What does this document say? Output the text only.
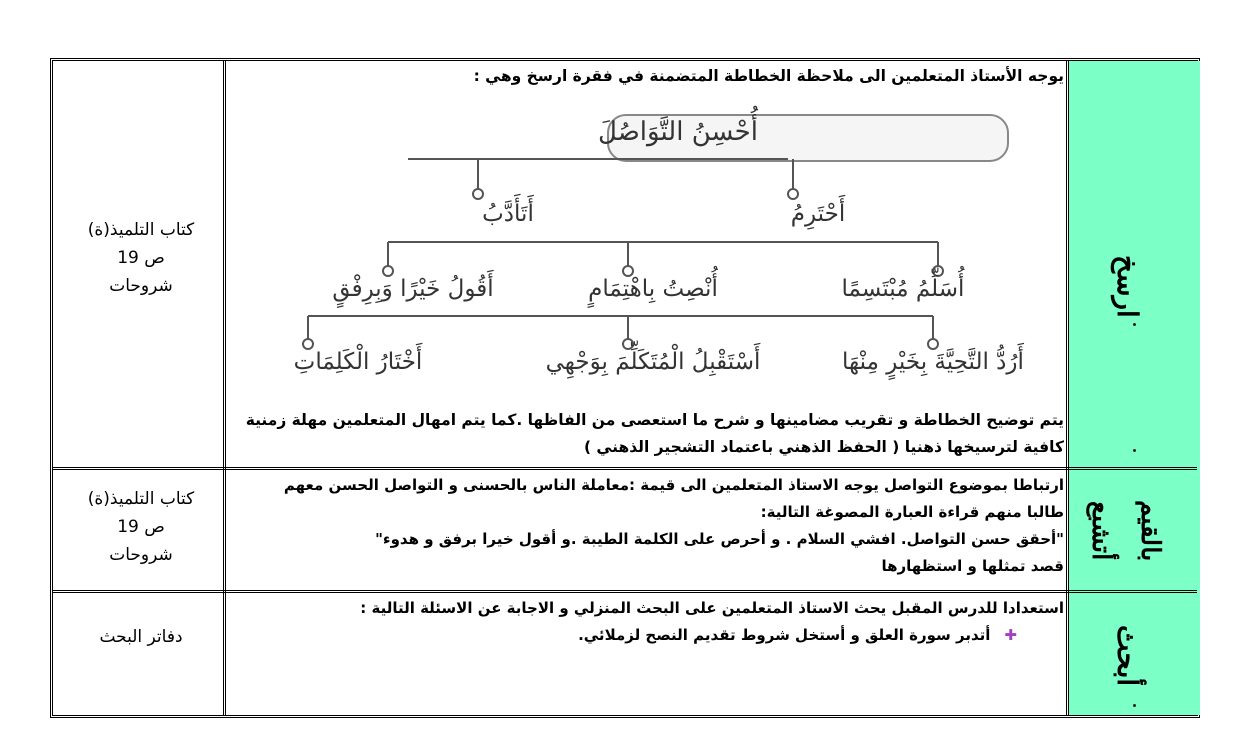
ارسخ
كتاب التلميذ(ة)
ص 19
شروحات
يوجه الأستاذ المتعلمين الى ملاحظة الخطاطة المتضمنة في فقرة ارسخ وهي :
أُحْسِنُ التَّوَاصُلَ
أَحْتَرِمُ
أَتَأَدَّبُ
أُسَلِّمُ مُبْتَسِمًا
أُنْصِتُ بِاهْتِمَامٍ
أَقُولُ خَيْرًا وَبِرِفْقٍ
أَرُدُّ التَّحِيَّةَ بِخَيْرٍ مِنْهَا
أَسْتَقْبِلُ الْمُتَكَلِّمَ بِوَجْهِي
أَخْتَارُ الْكَلِمَاتِ
يتم توضيح الخطاطة و تقريب مضامينها و شرح ما استعصى من الفاظها .كما يتم امهال المتعلمين مهلة زمنية
كافية لترسيخها ذهنيا ( الحفظ الذهني باعتماد التشجير الذهني )
أتشبع بالقيم
كتاب التلميذ(ة)
ص 19
شروحات
ارتباطا بموضوع التواصل يوجه الاستاذ المتعلمين الى قيمة :معاملة الناس بالحسنى و التواصل الحسن معهم
طالبا منهم قراءة العبارة المصوغة التالية:
"أحقق حسن التواصل. افشي السلام . و أحرص على الكلمة الطيبة .و أقول خيرا برفق و هدوء"
قصد تمثلها و استظهارها
أبحث
دفاتر البحث
استعدادا للدرس المقبل يحث الاستاذ المتعلمين على البحث المنزلي و الاجابة عن الاسئلة التالية :
✚أتدبر سورة العلق و أستخل شروط تقديم النصح لزملائي.
